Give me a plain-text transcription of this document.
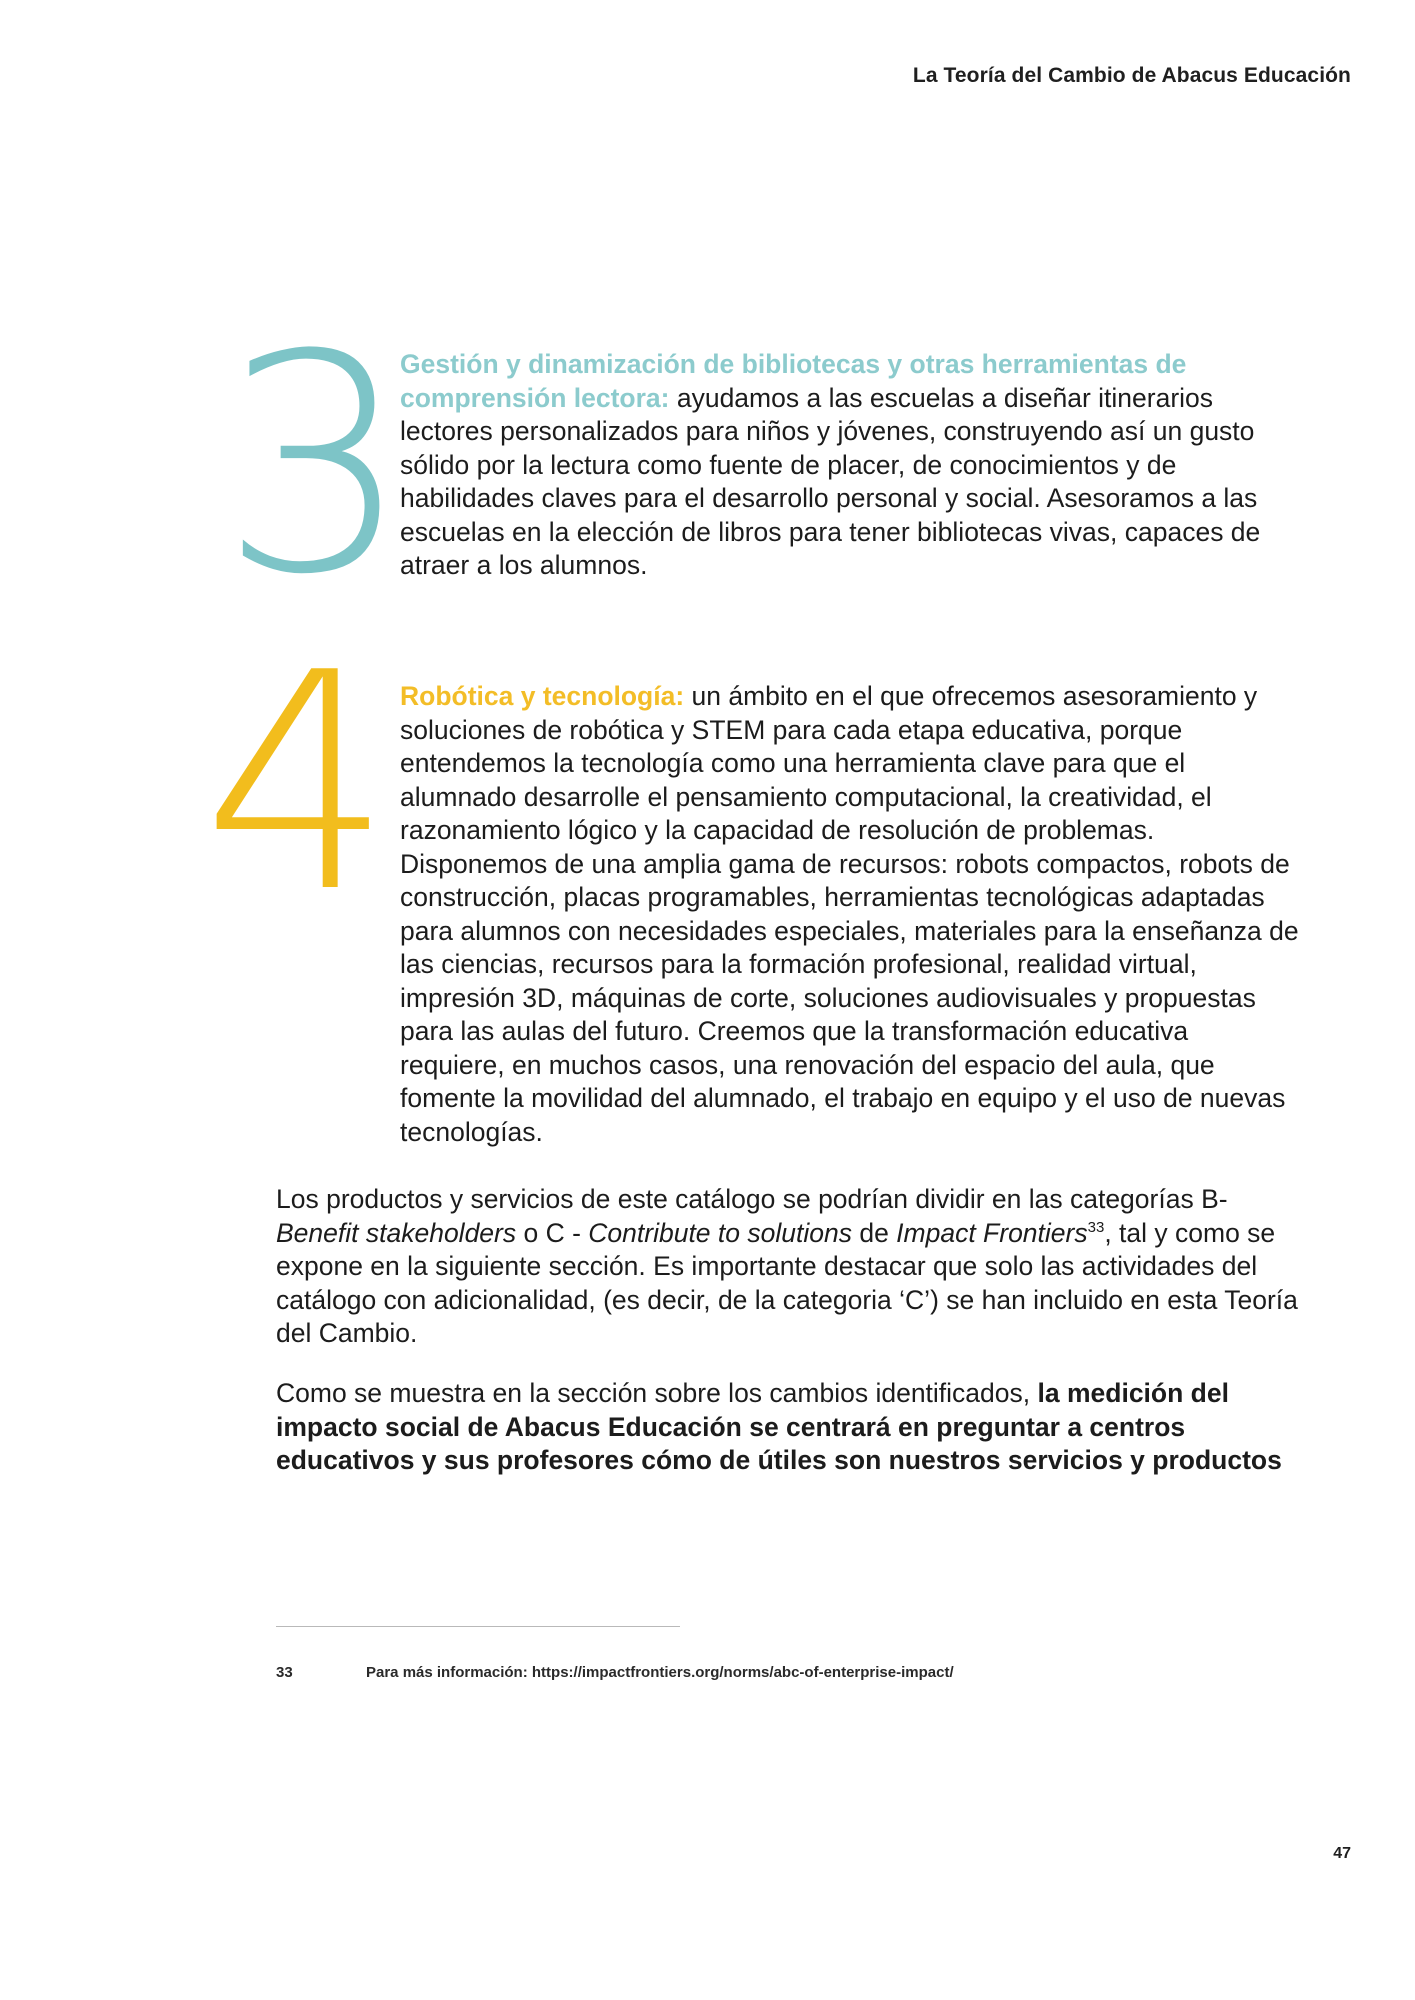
La Teoría del Cambio de Abacus Educación
3

Gestión y dinamización de bibliotecas y otras herramientas de comprensión lectora: ayudamos a las escuelas a diseñar itinerarios lectores personalizados para niños y jóvenes, construyendo así un gusto sólido por la lectura como fuente de placer, de conocimientos y de habilidades claves para el desarrollo personal y social. Asesoramos a las escuelas en la elección de libros para tener bibliotecas vivas, capaces de atraer a los alumnos.

4 Robótica y tecnología: un ámbito en el que ofrecemos asesoramiento y soluciones de robótica y STEM para cada etapa educativa, porque entendemos la tecnología como una herramienta clave para que el alumnado desarrolle el pensamiento computacional, la creatividad, el razonamiento lógico y la capacidad de resolución de problemas. Disponemos de una amplia gama de recursos: robots compactos, robots de construcción, placas programables, herramientas tecnológicas adaptadas para alumnos con necesidades especiales, materiales para la enseñanza de las ciencias, recursos para la formación profesional, realidad virtual, impresión 3D, máquinas de corte, soluciones audiovisuales y propuestas para las aulas del futuro. Creemos que la transformación educativa requiere, en muchos casos, una renovación del espacio del aula, que fomente la movilidad del alumnado, el trabajo en equipo y el uso de nuevas tecnologías.

Los productos y servicios de este catálogo se podrían dividir en las categorías B- Benefit stakeholders o C - Contribute to solutions de Impact Frontiers$^{33}$, tal y como se expone en la siguiente sección. Es importante destacar que solo las actividades del catálogo con adicionalidad, (es decir, de la categoria ‘C’) se han incluido en esta Teoría del Cambio.

Como se muestra en la sección sobre los cambios identificados, la medición del impacto social de Abacus Educación se centrará en preguntar a centros educativos y sus profesores cómo de útiles son nuestros servicios y productos

33	Para más información: https://impactfrontiers.org/norms/abc-of-enterprise-impact/
47
